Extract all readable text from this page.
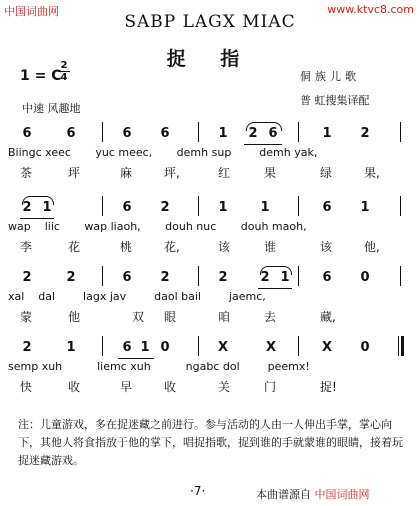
中国词曲网	www.ktvc8.com
SABP LAGX MIAC
捉 指
1 = C
2
4	侗族儿歌
普 虹搜集译配
中速 风趣地
6	6	6 6	1 2 6	1 2
Biingc xeec       yuc meec,       demh sup        demh yak,
茶	坪	麻	坪,	红	果	绿	果,
2 1	6 2	1	1	6 1
wap    liic       wap liaoh,       douh nuc       douh maoh,
李	花	桃	花,	该	谁	该	他,
2	2	6 2	2	2 1	6 0
xal    dal        lagx jav        daol bail        jaemc,
蒙	他	双 眼	咱	去	藏,
2	1	6 1 0	X	X	X 0
semp xuh          liemc xuh          ngabc dol        peemx!
快	收	早	收	关	门	捉!
注：儿童游戏，多在捉迷藏之前进行。参与活动的人由一人伸出手掌，掌心向下，其他人将食指放于他的掌下，唱捉指歌，捉到谁的手就蒙谁的眼睛，接着玩捉迷藏游戏。
·7·	本曲谱源自 中国词曲网
